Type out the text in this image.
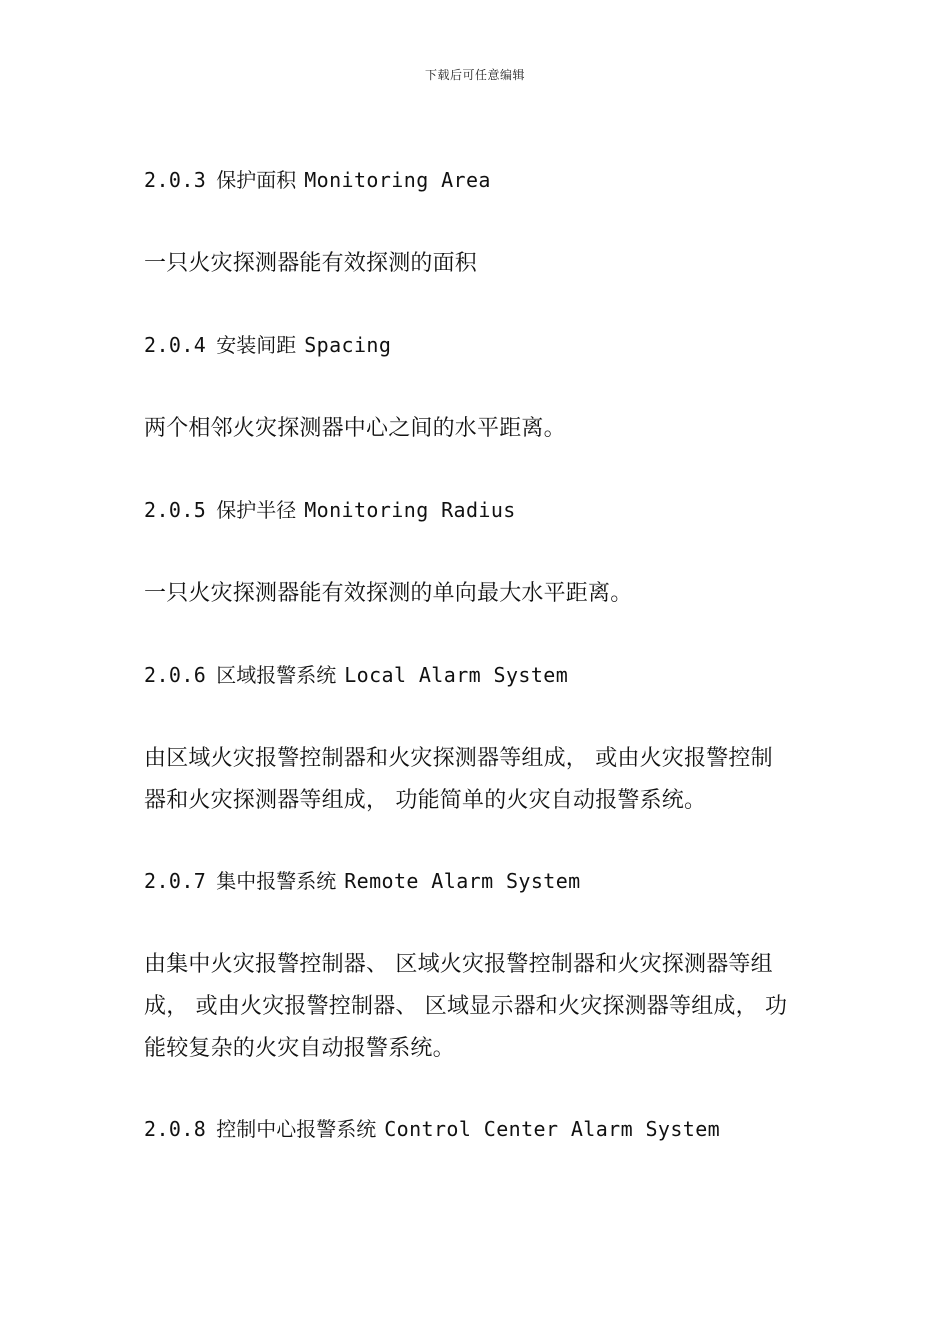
下载后可任意编辑
2.0.3 保护面积 Monitoring Area
一只火灾探测器能有效探测的面积
2.0.4 安装间距 Spacing
两个相邻火灾探测器中心之间的水平距离。
2.0.5 保护半径 Monitoring Radius
一只火灾探测器能有效探测的单向最大水平距离。
2.0.6 区域报警系统 Local Alarm System
由区域火灾报警控制器和火灾探测器等组成， 或由火灾报警控制
器和火灾探测器等组成， 功能简单的火灾自动报警系统。
2.0.7 集中报警系统 Remote Alarm System
由集中火灾报警控制器、 区域火灾报警控制器和火灾探测器等组
成， 或由火灾报警控制器、 区域显示器和火灾探测器等组成， 功
能较复杂的火灾自动报警系统。
2.0.8 控制中心报警系统 Control Center Alarm System
